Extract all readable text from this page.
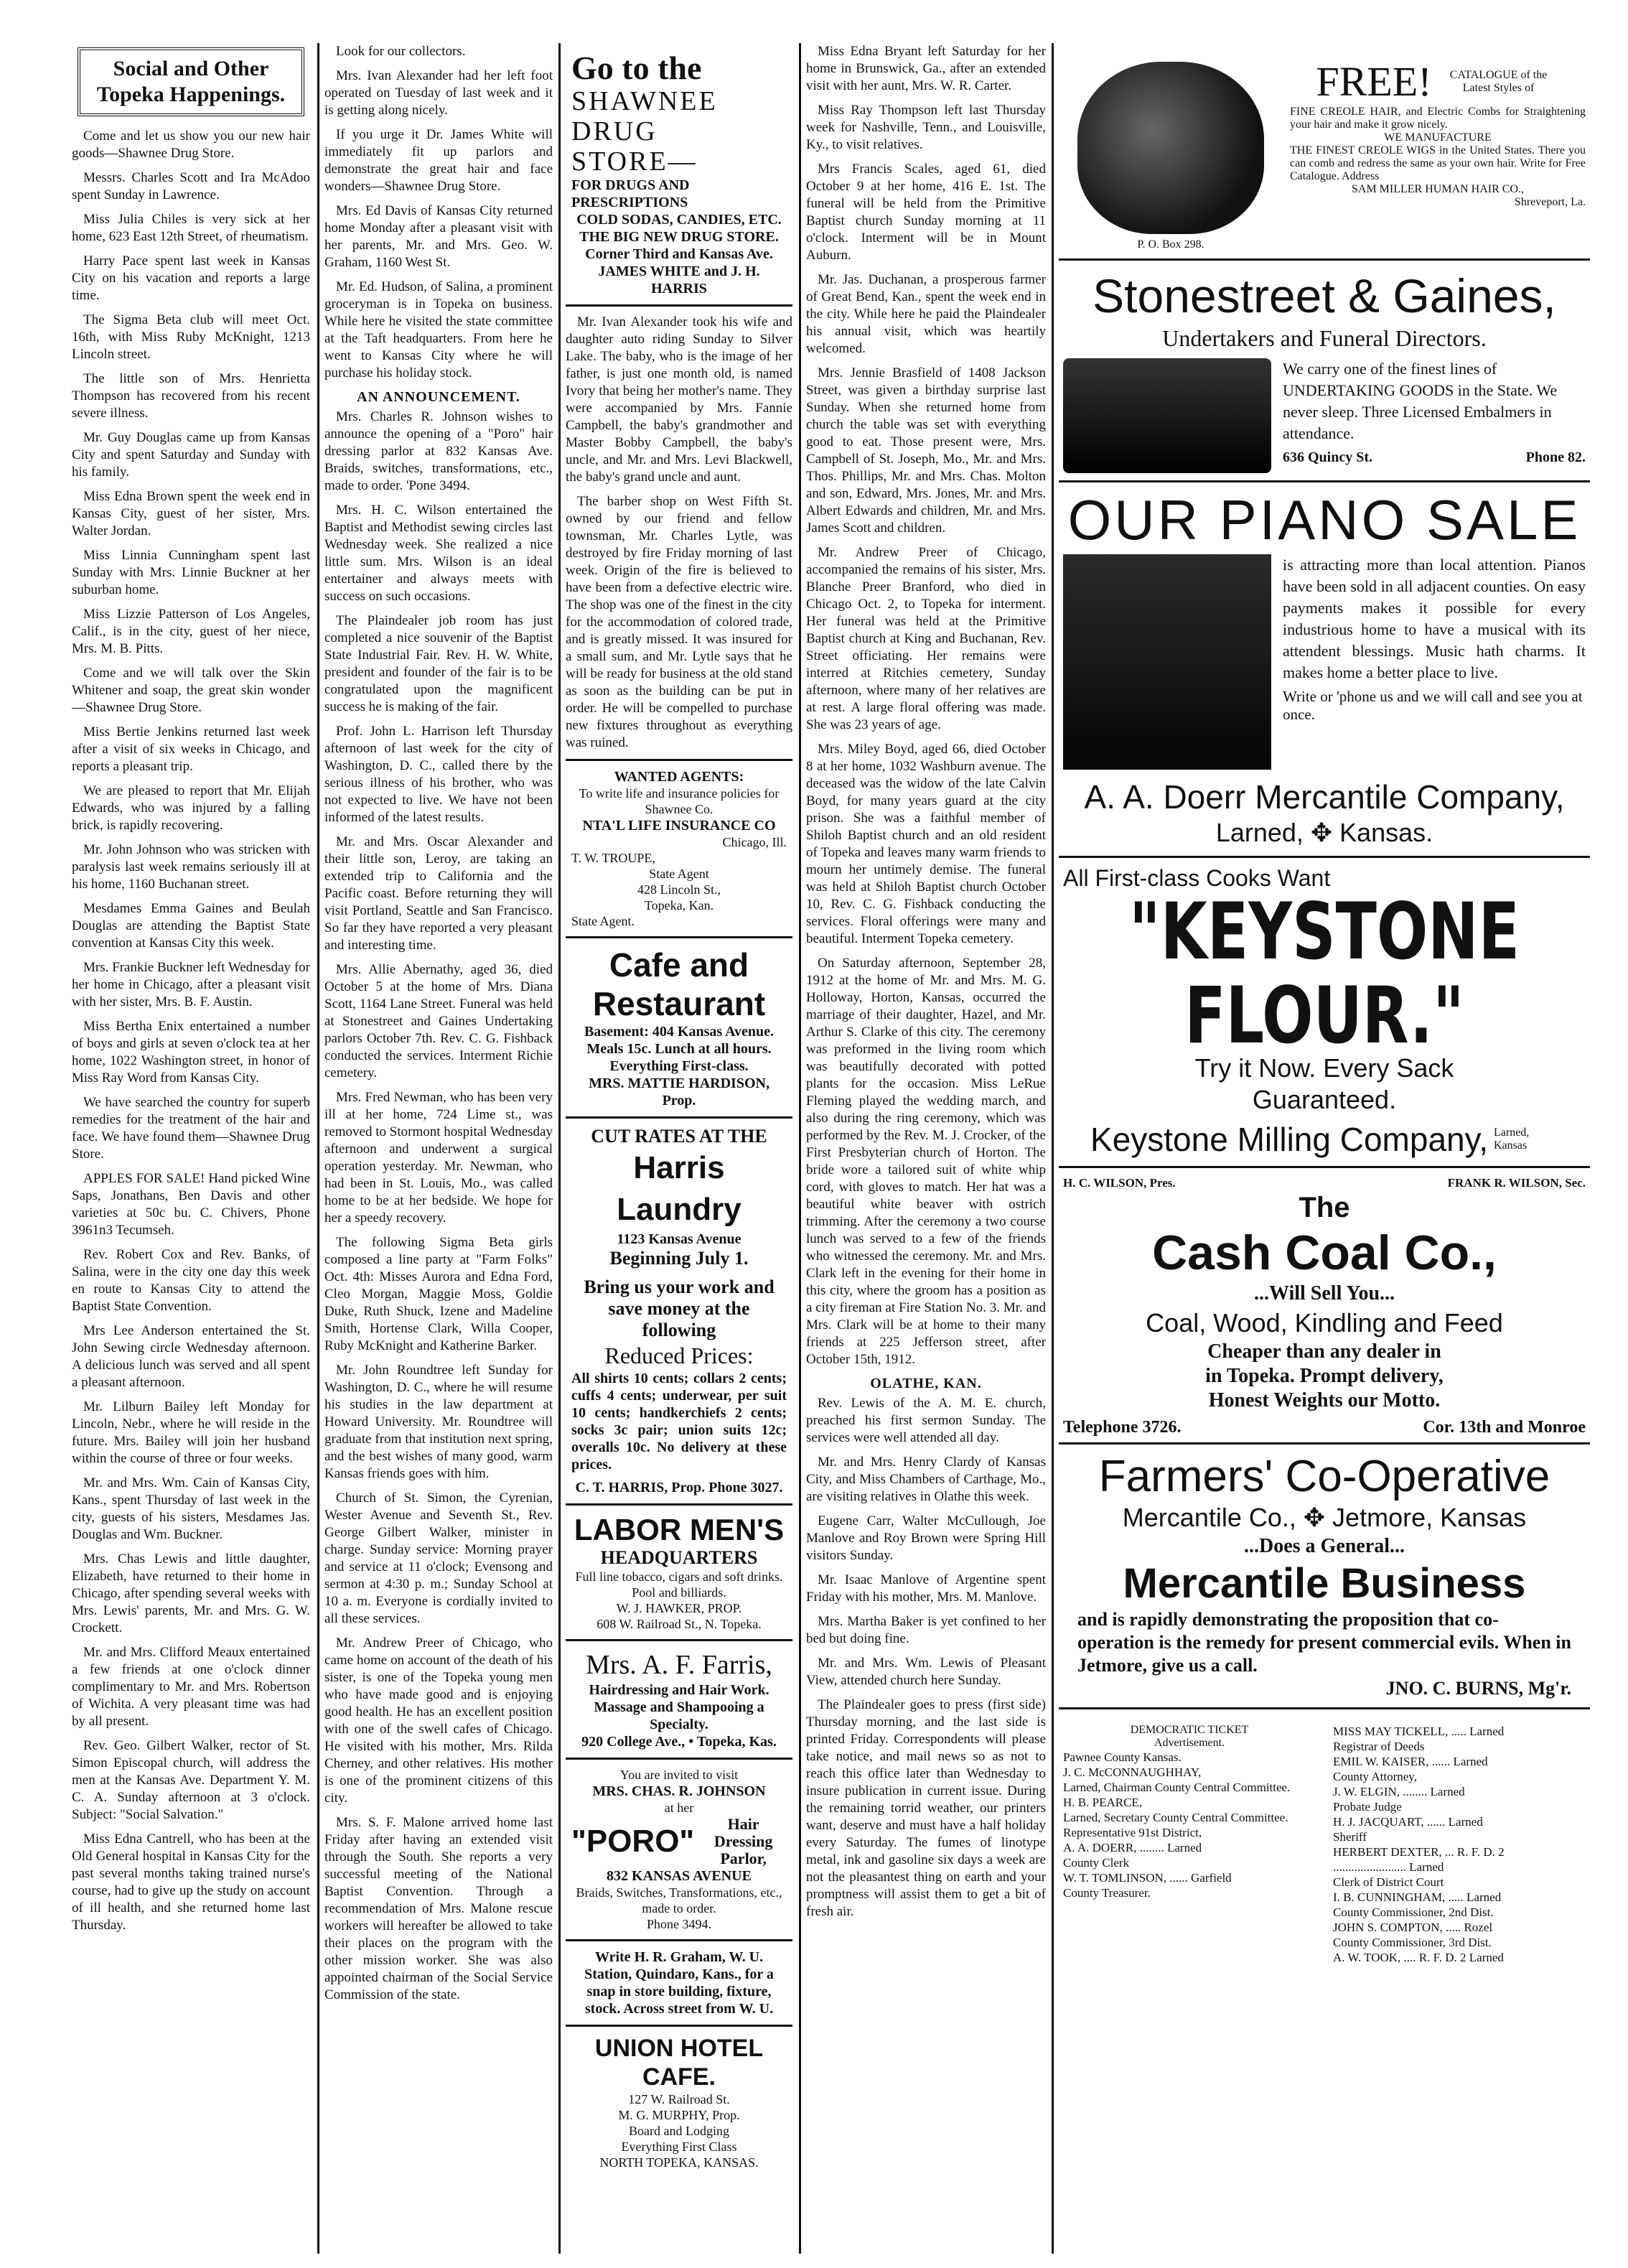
Social and Other Topeka Happenings.

Come and let us show you our new hair goods—Shawnee Drug Store.

Messrs. Charles Scott and Ira McAdoo spent Sunday in Lawrence.

Miss Julia Chiles is very sick at her home, 623 East 12th Street, of rheumatism.

Harry Pace spent last week in Kansas City on his vacation and reports a large time.

The Sigma Beta club will meet Oct. 16th, with Miss Ruby McKnight, 1213 Lincoln street.

The little son of Mrs. Henrietta Thompson has recovered from his recent severe illness.

Mr. Guy Douglas came up from Kansas City and spent Saturday and Sunday with his family.

Miss Edna Brown spent the week end in Kansas City, guest of her sister, Mrs. Walter Jordan.

Miss Linnia Cunningham spent last Sunday with Mrs. Linnie Buckner at her suburban home.

Miss Lizzie Patterson of Los Angeles, Calif., is in the city, guest of her niece, Mrs. M. B. Pitts.

Come and we will talk over the Skin Whitener and soap, the great skin wonder—Shawnee Drug Store.

Miss Bertie Jenkins returned last week after a visit of six weeks in Chicago, and reports a pleasant trip.

We are pleased to report that Mr. Elijah Edwards, who was injured by a falling brick, is rapidly recovering.

Mr. John Johnson who was stricken with paralysis last week remains seriously ill at his home, 1160 Buchanan street.

Mesdames Emma Gaines and Beulah Douglas are attending the Baptist State convention at Kansas City this week.

Mrs. Frankie Buckner left Wednesday for her home in Chicago, after a pleasant visit with her sister, Mrs. B. F. Austin.

Miss Bertha Enix entertained a number of boys and girls at seven o'clock tea at her home, 1022 Washington street, in honor of Miss Ray Word from Kansas City.

We have searched the country for superb remedies for the treatment of the hair and face. We have found them—Shawnee Drug Store.

APPLES FOR SALE! Hand picked Wine Saps, Jonathans, Ben Davis and other varieties at 50c bu. C. Chivers, Phone 3961n3 Tecumseh.

Rev. Robert Cox and Rev. Banks, of Salina, were in the city one day this week en route to Kansas City to attend the Baptist State Convention.

Mrs Lee Anderson entertained the St. John Sewing circle Wednesday afternoon. A delicious lunch was served and all spent a pleasant afternoon.

Mr. Lilburn Bailey left Monday for Lincoln, Nebr., where he will reside in the future. Mrs. Bailey will join her husband within the course of three or four weeks.

Mr. and Mrs. Wm. Cain of Kansas City, Kans., spent Thursday of last week in the city, guests of his sisters, Mesdames Jas. Douglas and Wm. Buckner.

Mrs. Chas Lewis and little daughter, Elizabeth, have returned to their home in Chicago, after spending several weeks with Mrs. Lewis' parents, Mr. and Mrs. G. W. Crockett.

Mr. and Mrs. Clifford Meaux entertained a few friends at one o'clock dinner complimentary to Mr. and Mrs. Robertson of Wichita. A very pleasant time was had by all present.

Rev. Geo. Gilbert Walker, rector of St. Simon Episcopal church, will address the men at the Kansas Ave. Department Y. M. C. A. Sunday afternoon at 3 o'clock. Subject: "Social Salvation."

Miss Edna Cantrell, who has been at the Old General hospital in Kansas City for the past several months taking trained nurse's course, had to give up the study on account of ill health, and she returned home last Thursday.

Look for our collectors.

Mrs. Ivan Alexander had her left foot operated on Tuesday of last week and it is getting along nicely.

If you urge it Dr. James White will immediately fit up parlors and demonstrate the great hair and face wonders—Shawnee Drug Store.

Mrs. Ed Davis of Kansas City returned home Monday after a pleasant visit with her parents, Mr. and Mrs. Geo. W. Graham, 1160 West St.

Mr. Ed. Hudson, of Salina, a prominent groceryman is in Topeka on business. While here he visited the state committee at the Taft headquarters. From here he went to Kansas City where he will purchase his holiday stock.

AN ANNOUNCEMENT.

Mrs. Charles R. Johnson wishes to announce the opening of a "Poro" hair dressing parlor at 832 Kansas Ave. Braids, switches, transformations, etc., made to order. 'Pone 3494.

Mrs. H. C. Wilson entertained the Baptist and Methodist sewing circles last Wednesday week. She realized a nice little sum. Mrs. Wilson is an ideal entertainer and always meets with success on such occasions.

The Plaindealer job room has just completed a nice souvenir of the Baptist State Industrial Fair. Rev. H. W. White, president and founder of the fair is to be congratulated upon the magnificent success he is making of the fair.

Prof. John L. Harrison left Thursday afternoon of last week for the city of Washington, D. C., called there by the serious illness of his brother, who was not expected to live. We have not been informed of the latest results.

Mr. and Mrs. Oscar Alexander and their little son, Leroy, are taking an extended trip to California and the Pacific coast. Before returning they will visit Portland, Seattle and San Francisco. So far they have reported a very pleasant and interesting time.

Mrs. Allie Abernathy, aged 36, died October 5 at the home of Mrs. Diana Scott, 1164 Lane Street. Funeral was held at Stonestreet and Gaines Undertaking parlors October 7th. Rev. C. G. Fishback conducted the services. Interment Richie cemetery.

Mrs. Fred Newman, who has been very ill at her home, 724 Lime st., was removed to Stormont hospital Wednesday afternoon and underwent a surgical operation yesterday. Mr. Newman, who had been in St. Louis, Mo., was called home to be at her bedside. We hope for her a speedy recovery.

The following Sigma Beta girls composed a line party at "Farm Folks" Oct. 4th: Misses Aurora and Edna Ford, Cleo Morgan, Maggie Moss, Goldie Duke, Ruth Shuck, Izene and Madeline Smith, Hortense Clark, Willa Cooper, Ruby McKnight and Katherine Barker.

Mr. John Roundtree left Sunday for Washington, D. C., where he will resume his studies in the law department at Howard University. Mr. Roundtree will graduate from that institution next spring, and the best wishes of many good, warm Kansas friends goes with him.

Church of St. Simon, the Cyrenian, Wester Avenue and Seventh St., Rev. George Gilbert Walker, minister in charge. Sunday service: Morning prayer and service at 11 o'clock; Evensong and sermon at 4:30 p. m.; Sunday School at 10 a. m. Everyone is cordially invited to all these services.

Mr. Andrew Preer of Chicago, who came home on account of the death of his sister, is one of the Topeka young men who have made good and is enjoying good health. He has an excellent position with one of the swell cafes of Chicago. He visited with his mother, Mrs. Rilda Cherney, and other relatives. His mother is one of the prominent citizens of this city.

Mrs. S. F. Malone arrived home last Friday after having an extended visit through the South. She reports a very successful meeting of the National Baptist Convention. Through a recommendation of Mrs. Malone rescue workers will hereafter be allowed to take their places on the program with the other mission worker. She was also appointed chairman of the Social Service Commission of the state.

Go to the
SHAWNEE DRUG
STORE—
FOR DRUGS AND PRESCRIPTIONS
COLD SODAS, CANDIES, ETC.
THE BIG NEW DRUG STORE.
Corner Third and Kansas Ave.
JAMES WHITE and J. H. HARRIS

Mr. Ivan Alexander took his wife and daughter auto riding Sunday to Silver Lake. The baby, who is the image of her father, is just one month old, is named Ivory that being her mother's name. They were accompanied by Mrs. Fannie Campbell, the baby's grandmother and Master Bobby Campbell, the baby's uncle, and Mr. and Mrs. Levi Blackwell, the baby's grand uncle and aunt.

The barber shop on West Fifth St. owned by our friend and fellow townsman, Mr. Charles Lytle, was destroyed by fire Friday morning of last week. Origin of the fire is believed to have been from a defective electric wire. The shop was one of the finest in the city for the accommodation of colored trade, and is greatly missed. It was insured for a small sum, and Mr. Lytle says that he will be ready for business at the old stand as soon as the building can be put in order. He will be compelled to purchase new fixtures throughout as everything was ruined.

WANTED AGENTS:
To write life and insurance policies for Shawnee Co.
NTA'L LIFE INSURANCE CO
Chicago, Ill.
T. W. TROUPE,
State Agent
428 Lincoln St.,
Topeka, Kan.
State Agent.
Cafe and Restaurant
Basement: 404 Kansas Avenue.
Meals 15c. Lunch at all hours.
Everything First-class.
MRS. MATTIE HARDISON, Prop.
CUT RATES AT THE
Harris Laundry
1123 Kansas Avenue
Beginning July 1.
Bring us your work and save money at the following
Reduced Prices:
All shirts 10 cents; collars 2 cents; cuffs 4 cents; underwear, per suit 10 cents; handkerchiefs 2 cents; socks 3c pair; union suits 12c; overalls 10c. No delivery at these prices.
C. T. HARRIS, Prop. Phone 3027.
LABOR MEN'S
HEADQUARTERS
Full line tobacco, cigars and soft drinks. Pool and billiards.
W. J. HAWKER, PROP.
608 W. Railroad St., N. Topeka.
Mrs. A. F. Farris,
Hairdressing and Hair Work. Massage and Shampooing a Specialty.
920 College Ave., • Topeka, Kas.
You are invited to visit
MRS. CHAS. R. JOHNSON
at her
"PORO"	Hair Dressing Parlor,
832 KANSAS AVENUE
Braids, Switches, Transformations, etc., made to order.
Phone 3494.
Write H. R. Graham, W. U. Station, Quindaro, Kans., for a snap in store building, fixture, stock. Across street from W. U.
UNION HOTEL CAFE.
127 W. Railroad St.
M. G. MURPHY, Prop.
Board and Lodging
Everything First Class
NORTH TOPEKA, KANSAS.

Miss Edna Bryant left Saturday for her home in Brunswick, Ga., after an extended visit with her aunt, Mrs. W. R. Carter.

Miss Ray Thompson left last Thursday week for Nashville, Tenn., and Louisville, Ky., to visit relatives.

Mrs Francis Scales, aged 61, died October 9 at her home, 416 E. 1st. The funeral will be held from the Primitive Baptist church Sunday morning at 11 o'clock. Interment will be in Mount Auburn.

Mr. Jas. Duchanan, a prosperous farmer of Great Bend, Kan., spent the week end in the city. While here he paid the Plaindealer his annual visit, which was heartily welcomed.

Mrs. Jennie Brasfield of 1408 Jackson Street, was given a birthday surprise last Sunday. When she returned home from church the table was set with everything good to eat. Those present were, Mrs. Campbell of St. Joseph, Mo., Mr. and Mrs. Thos. Phillips, Mr. and Mrs. Chas. Molton and son, Edward, Mrs. Jones, Mr. and Mrs. Albert Edwards and children, Mr. and Mrs. James Scott and children.

Mr. Andrew Preer of Chicago, accompanied the remains of his sister, Mrs. Blanche Preer Branford, who died in Chicago Oct. 2, to Topeka for interment. Her funeral was held at the Primitive Baptist church at King and Buchanan, Rev. Street officiating. Her remains were interred at Ritchies cemetery, Sunday afternoon, where many of her relatives are at rest. A large floral offering was made. She was 23 years of age.

Mrs. Miley Boyd, aged 66, died October 8 at her home, 1032 Washburn avenue. The deceased was the widow of the late Calvin Boyd, for many years guard at the city prison. She was a faithful member of Shiloh Baptist church and an old resident of Topeka and leaves many warm friends to mourn her untimely demise. The funeral was held at Shiloh Baptist church October 10, Rev. C. G. Fishback conducting the services. Floral offerings were many and beautiful. Interment Topeka cemetery.

On Saturday afternoon, September 28, 1912 at the home of Mr. and Mrs. M. G. Holloway, Horton, Kansas, occurred the marriage of their daughter, Hazel, and Mr. Arthur S. Clarke of this city. The ceremony was preformed in the living room which was beautifully decorated with potted plants for the occasion. Miss LeRue Fleming played the wedding march, and also during the ring ceremony, which was performed by the Rev. M. J. Crocker, of the First Presbyterian church of Horton. The bride wore a tailored suit of white whip cord, with gloves to match. Her hat was a beautiful white beaver with ostrich trimming. After the ceremony a two course lunch was served to a few of the friends who witnessed the ceremony. Mr. and Mrs. Clark left in the evening for their home in this city, where the groom has a position as a city fireman at Fire Station No. 3. Mr. and Mrs. Clark will be at home to their many friends at 225 Jefferson street, after October 15th, 1912.

OLATHE, KAN.

Rev. Lewis of the A. M. E. church, preached his first sermon Sunday. The services were well attended all day.

Mr. and Mrs. Henry Clardy of Kansas City, and Miss Chambers of Carthage, Mo., are visiting relatives in Olathe this week.

Eugene Carr, Walter McCullough, Joe Manlove and Roy Brown were Spring Hill visitors Sunday.

Mr. Isaac Manlove of Argentine spent Friday with his mother, Mrs. M. Manlove.

Mrs. Martha Baker is yet confined to her bed but doing fine.

Mr. and Mrs. Wm. Lewis of Pleasant View, attended church here Sunday.

The Plaindealer goes to press (first side) Thursday morning, and the last side is printed Friday. Correspondents will please take notice, and mail news so as not to reach this office later than Wednesday to insure publication in current issue. During the remaining torrid weather, our printers want, deserve and must have a half holiday every Saturday. The fumes of linotype metal, ink and gasoline six days a week are not the pleasantest thing on earth and your promptness will assist them to get a bit of fresh air.

P. O. Box 298.
FREE!	CATALOGUE of the Latest Styles of
FINE CREOLE HAIR, and Electric Combs for Straightening your hair and make it grow nicely.
WE MANUFACTURE
THE FINEST CREOLE WIGS in the United States. There you can comb and redress the same as your own hair. Write for Free Catalogue. Address
SAM MILLER HUMAN HAIR CO.,
Shreveport, La.
Stonestreet & Gaines,
Undertakers and Funeral Directors.
We carry one of the finest lines of UNDERTAKING GOODS in the State. We never sleep. Three Licensed Embalmers in attendance.
636 Quincy St.	Phone 82.
OUR PIANO SALE
is attracting more than local attention. Pianos have been sold in all adjacent counties. On easy payments makes it possible for every industrious home to have a musical with its attendent blessings. Music hath charms. It makes home a better place to live.
Write or 'phone us and we will call and see you at once.
A. A. Doerr Mercantile Company,
Larned, ✥ Kansas.
All First-class Cooks Want
"KEYSTONE FLOUR."
Try it Now. Every Sack
Guaranteed.
Keystone Milling Company, Larned, Kansas
H. C. WILSON, Pres.	FRANK R. WILSON, Sec.
The
Cash Coal Co.,
...Will Sell You...
Coal, Wood, Kindling and Feed
Cheaper than any dealer in
in Topeka. Prompt delivery,
Honest Weights our Motto.
Telephone 3726.	Cor. 13th and Monroe
Farmers' Co-Operative
Mercantile Co., ✥ Jetmore, Kansas
...Does a General...
Mercantile Business
and is rapidly demonstrating the proposition that co-operation is the remedy for present commercial evils. When in Jetmore, give us a call.
JNO. C. BURNS, Mg'r.
DEMOCRATIC TICKET
Advertisement.
Pawnee County Kansas.
J. C. McCONNAUGHHAY,
Larned, Chairman County Central Committee.
H. B. PEARCE,
Larned, Secretary County Central Committee.
Representative 91st District,
A. A. DOERR, ........ Larned
County Clerk
W. T. TOMLINSON, ...... Garfield
County Treasurer.
MISS MAY TICKELL, ..... Larned
Registrar of Deeds
EMIL W. KAISER, ...... Larned
County Attorney,
J. W. ELGIN, ........ Larned
Probate Judge
H. J. JACQUART, ...... Larned
Sheriff
HERBERT DEXTER, ... R. F. D. 2
........................ Larned
Clerk of District Court
I. B. CUNNINGHAM, ..... Larned
County Commissioner, 2nd Dist.
JOHN S. COMPTON, ..... Rozel
County Commissioner, 3rd Dist.
A. W. TOOK, .... R. F. D. 2 Larned
